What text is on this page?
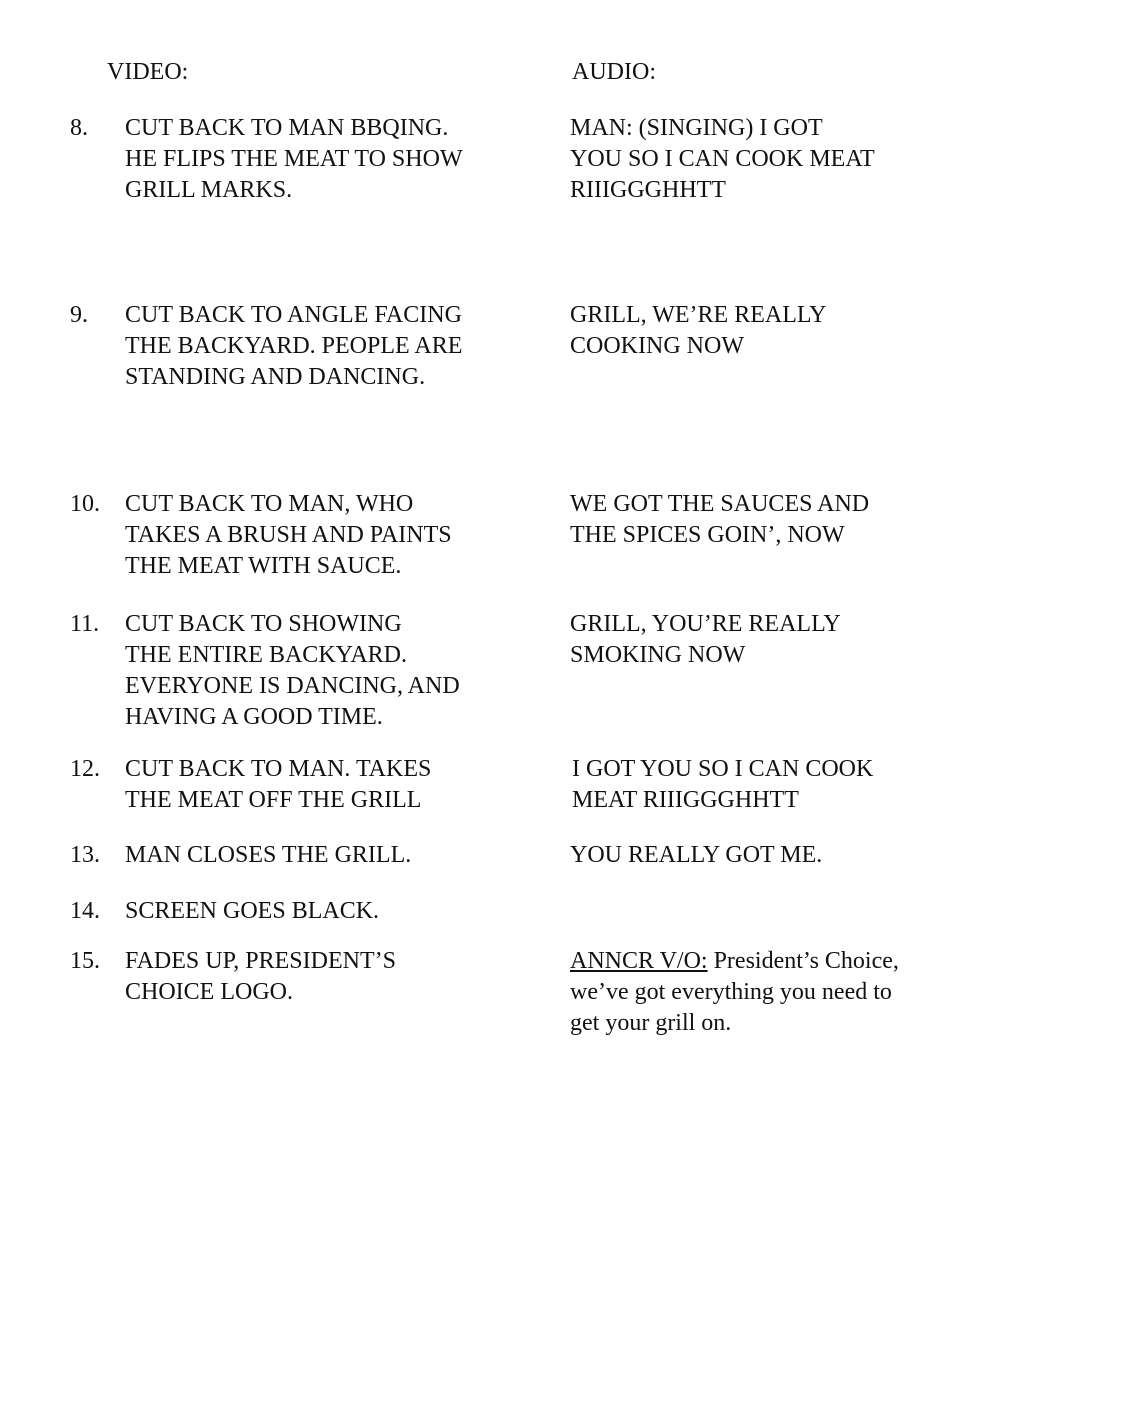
VIDEO:	AUDIO:
8. CUT BACK TO MAN BBQING.
HE FLIPS THE MEAT TO SHOW
GRILL MARKS.
MAN: (SINGING) I GOT
YOU SO I CAN COOK MEAT
RIIIGGGHHTT
9. CUT BACK TO ANGLE FACING
THE BACKYARD. PEOPLE ARE
STANDING AND DANCING.
GRILL, WE’RE REALLY
COOKING NOW
10. CUT BACK TO MAN, WHO
TAKES A BRUSH AND PAINTS
THE MEAT WITH SAUCE.
WE GOT THE SAUCES AND
THE SPICES GOIN’, NOW
11. CUT BACK TO SHOWING
THE ENTIRE BACKYARD.
EVERYONE IS DANCING, AND
HAVING A GOOD TIME.
GRILL, YOU’RE REALLY
SMOKING NOW
12. CUT BACK TO MAN. TAKES
THE MEAT OFF THE GRILL
I GOT YOU SO I CAN COOK
MEAT RIIIGGGHHTT
13. MAN CLOSES THE GRILL.	YOU REALLY GOT ME.
14. SCREEN GOES BLACK.
15. FADES UP, PRESIDENT’S
CHOICE LOGO.
ANNCR V/O: President’s Choice,
we’ve got everything you need to
get your grill on.
